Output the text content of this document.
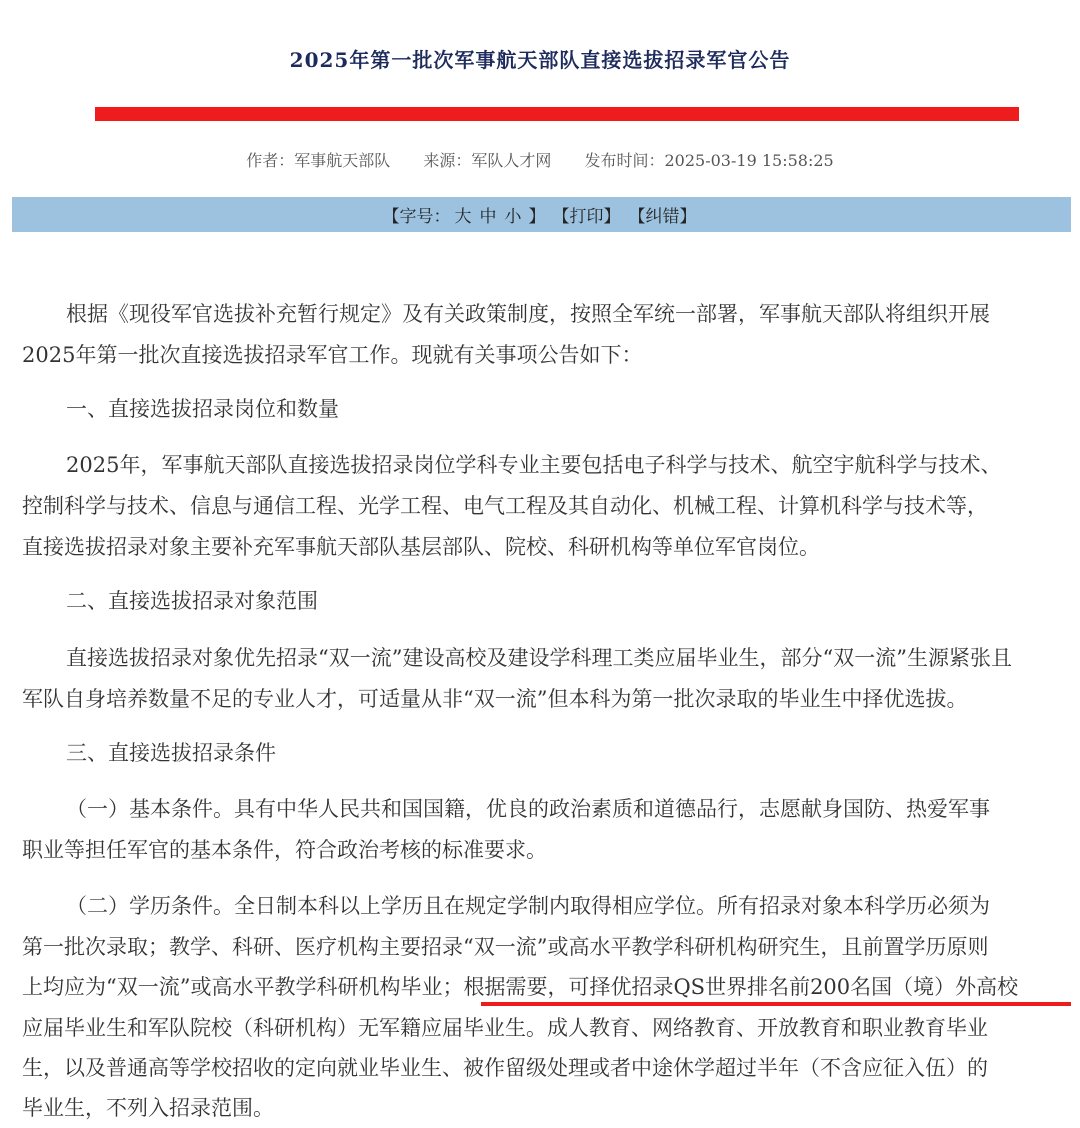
2025年第一批次军事航天部队直接选拔招录军官公告
作者：军事航天部队 来源：军队人才网 发布时间：2025-03-19 15:58:25
【字号： 大 中 小 】 【打印】 【纠错】
根据《现役军官选拔补充暂行规定》及有关政策制度，按照全军统一部署，军事航天部队将组织开展
2025年第一批次直接选拔招录军官工作。现就有关事项公告如下：
一、直接选拔招录岗位和数量
2025年，军事航天部队直接选拔招录岗位学科专业主要包括电子科学与技术、航空宇航科学与技术、
控制科学与技术、信息与通信工程、光学工程、电气工程及其自动化、机械工程、计算机科学与技术等，
直接选拔招录对象主要补充军事航天部队基层部队、院校、科研机构等单位军官岗位。
二、直接选拔招录对象范围
直接选拔招录对象优先招录“双一流”建设高校及建设学科理工类应届毕业生，部分“双一流”生源紧张且
军队自身培养数量不足的专业人才，可适量从非“双一流”但本科为第一批次录取的毕业生中择优选拔。
三、直接选拔招录条件
（一）基本条件。具有中华人民共和国国籍，优良的政治素质和道德品行，志愿献身国防、热爱军事
职业等担任军官的基本条件，符合政治考核的标准要求。
（二）学历条件。全日制本科以上学历且在规定学制内取得相应学位。所有招录对象本科学历必须为
第一批次录取；教学、科研、医疗机构主要招录“双一流”或高水平教学科研机构研究生，且前置学历原则
上均应为“双一流”或高水平教学科研机构毕业；根据需要，可择优招录QS世界排名前200名国（境）外高校
应届毕业生和军队院校（科研机构）无军籍应届毕业生。成人教育、网络教育、开放教育和职业教育毕业
生，以及普通高等学校招收的定向就业毕业生、被作留级处理或者中途休学超过半年（不含应征入伍）的
毕业生，不列入招录范围。
